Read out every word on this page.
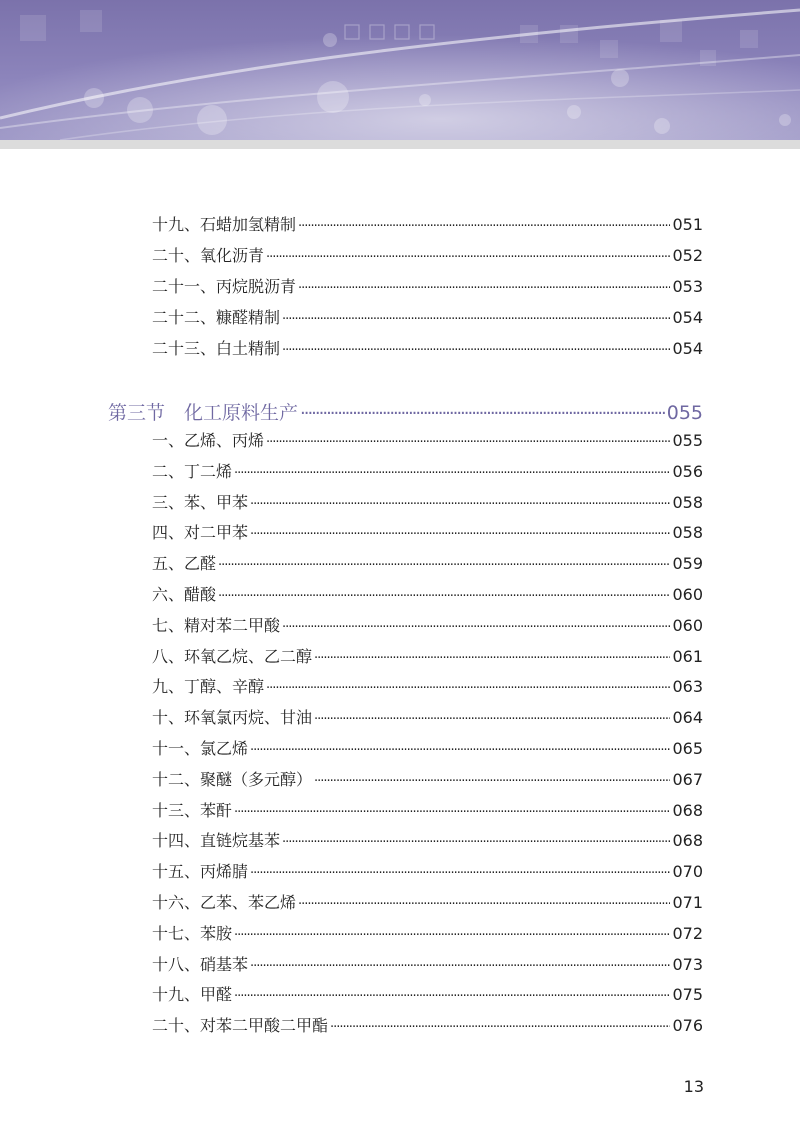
十九、石蜡加氢精制 ·····	051
二十、氧化沥青 ·····	052
二十一、丙烷脱沥青 ·····	053
二十二、糠醛精制 ·····	054
二十三、白土精制 ·····	054
第三节　化工原料生产 ·····	055
一、乙烯、丙烯 ·····	055
二、丁二烯 ·····	056
三、苯、甲苯 ·····	058
四、对二甲苯 ·····	058
五、乙醛 ·····	059
六、醋酸 ·····	060
七、精对苯二甲酸 ·····	060
八、环氧乙烷、乙二醇 ·····	061
九、丁醇、辛醇 ·····	063
十、环氧氯丙烷、甘油 ·····	064
十一、氯乙烯 ·····	065
十二、聚醚（多元醇） ·····	067
十三、苯酐 ·····	068
十四、直链烷基苯 ·····	068
十五、丙烯腈 ·····	070
十六、乙苯、苯乙烯 ·····	071
十七、苯胺 ·····	072
十八、硝基苯 ·····	073
十九、甲醛 ·····	075
二十、对苯二甲酸二甲酯 ·····	076
13
